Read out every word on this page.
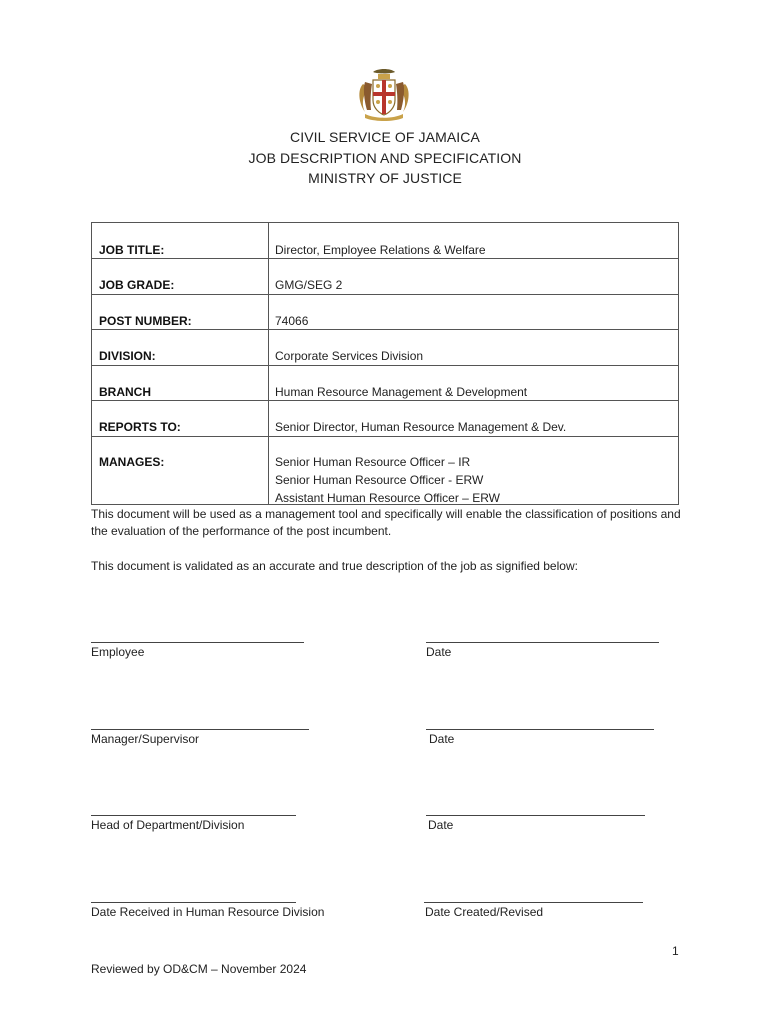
CIVIL SERVICE OF JAMAICA
JOB DESCRIPTION AND SPECIFICATION
MINISTRY OF JUSTICE
JOB TITLE:	Director, Employee Relations & Welfare
JOB GRADE:	GMG/SEG 2
POST NUMBER:	74066
DIVISION:	Corporate Services Division
BRANCH	Human Resource Management & Development
REPORTS TO:	Senior Director, Human Resource Management & Dev.
MANAGES:	Senior Human Resource Officer – IR
Senior Human Resource Officer - ERW
Assistant Human Resource Officer – ERW
This document will be used as a management tool and specifically will enable the classification of positions and the evaluation of the performance of the post incumbent.
This document is validated as an accurate and true description of the job as signified below:
Employee	Date
Manager/Supervisor	Date
Head of Department/Division	Date
Date Received in Human Resource Division	Date Created/Revised
1
Reviewed by OD&CM – November 2024
